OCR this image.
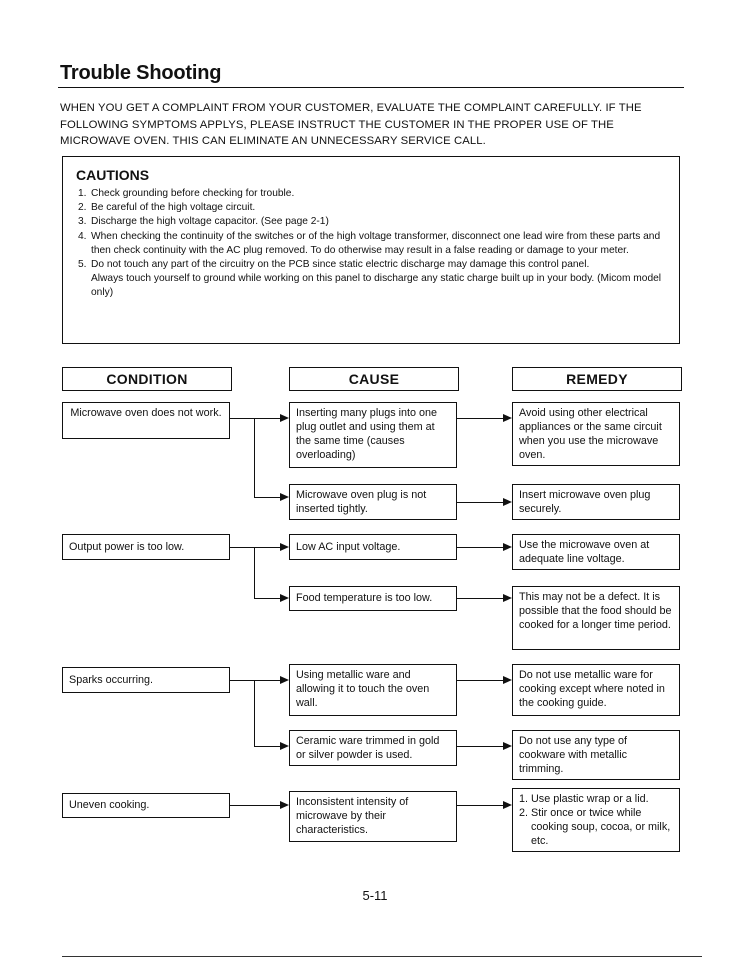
Trouble Shooting

WHEN YOU GET A COMPLAINT FROM YOUR CUSTOMER, EVALUATE THE COMPLAINT CAREFULLY. IF THE FOLLOWING SYMPTOMS APPLYS, PLEASE INSTRUCT THE CUSTOMER IN THE PROPER USE OF THE MICROWAVE OVEN. THIS CAN ELIMINATE AN UNNECESSARY SERVICE CALL.

CAUTIONS
1. Check grounding before checking for trouble.
2. Be careful of the high voltage circuit.
3. Discharge the high voltage capacitor. (See page 2-1)
4. When checking the continuity of the switches or of the high voltage transformer, disconnect one lead wire from these parts and then check continuity with the AC plug removed. To do otherwise may result in a false reading or damage to your meter.
5. Do not touch any part of the circuitry on the PCB since static electric discharge may damage this control panel.
Always touch yourself to ground while working on this panel to discharge any static charge built up in your body. (Micom model only)
CONDITION	CAUSE	REMEDY
Microwave oven does not work.
Output power is too low.
Sparks occurring.
Uneven cooking.
Inserting many plugs into one plug outlet and using them at the same time (causes overloading)
Microwave oven plug is not inserted tightly.
Low AC input voltage.
Food temperature is too low.
Using metallic ware and allowing it to touch the oven wall.
Ceramic ware trimmed in gold or silver powder is used.
Inconsistent intensity of microwave by their characteristics.
Avoid using other electrical appliances or the same circuit when you use the microwave oven.
Insert microwave oven plug securely.
Use the microwave oven at adequate line voltage.
This may not be a defect. It is possible that the food should be cooked for a longer time period.
Do not use metallic ware for cooking except where noted in the cooking guide.
Do not use any type of cookware with metallic trimming.
1. Use plastic wrap or a lid.
2. Stir once or twice while cooking soup, cocoa, or milk, etc.
5-11
